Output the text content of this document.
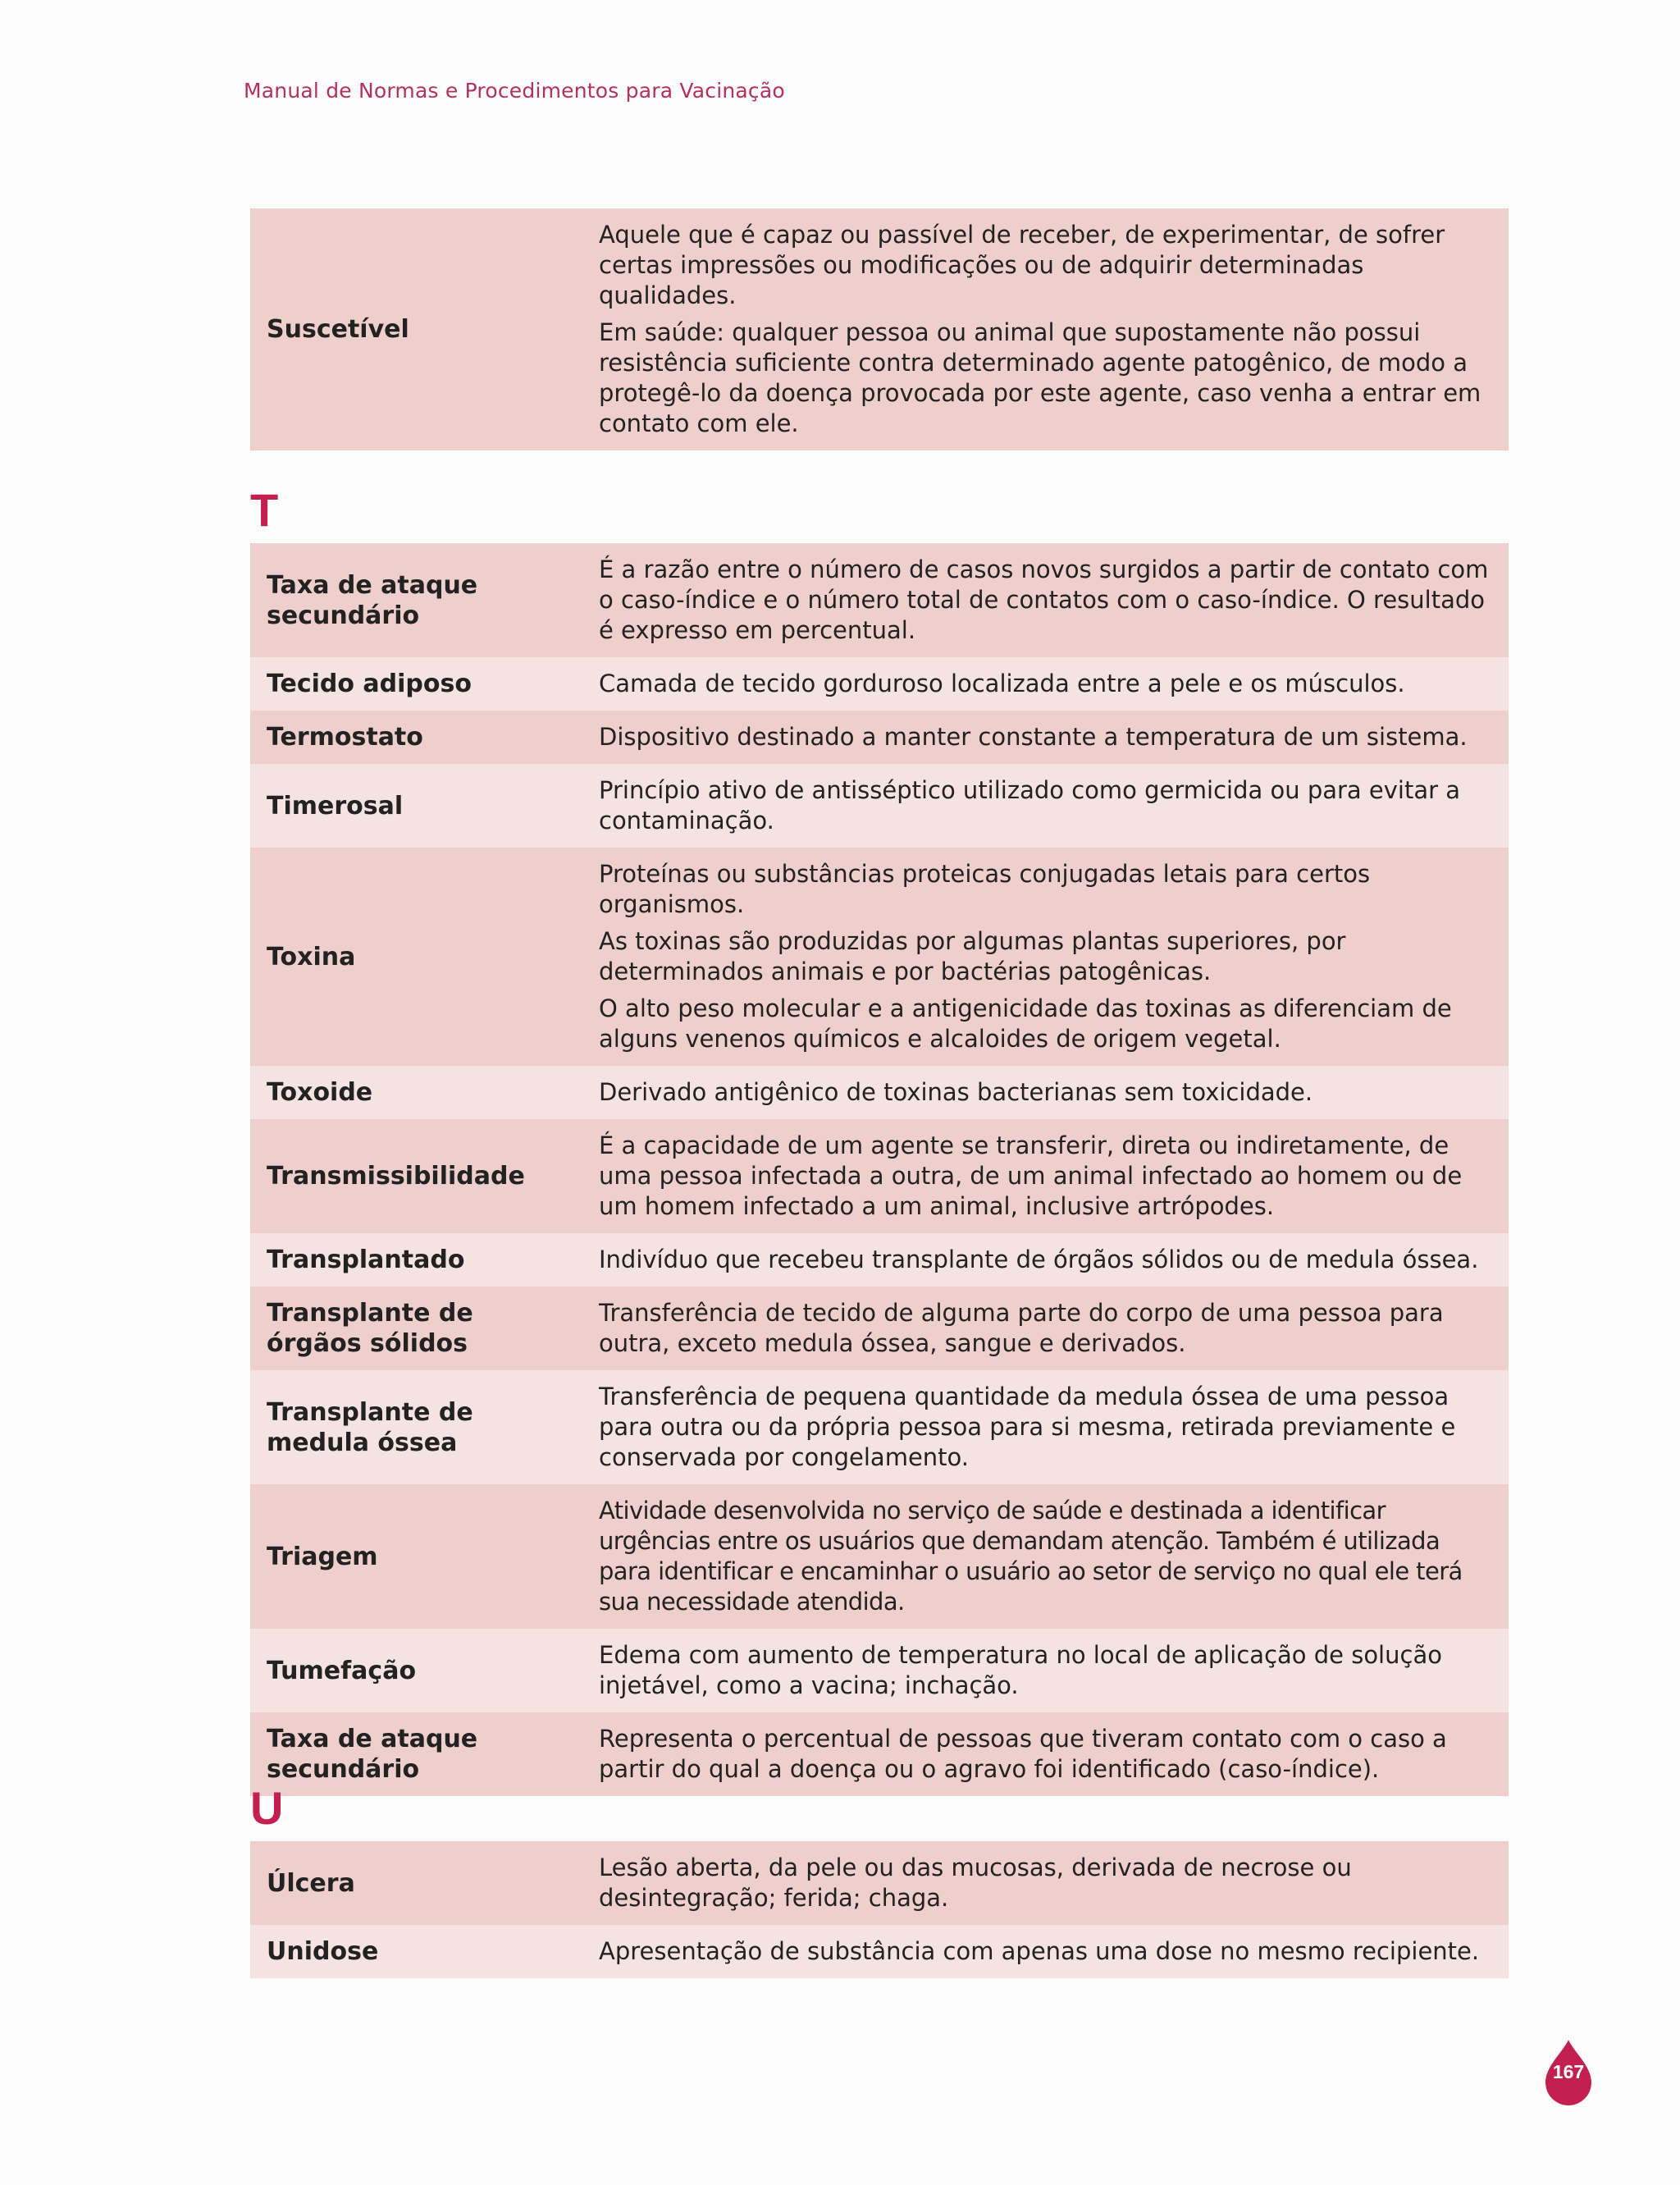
Manual de Normas e Procedimentos para Vacinação
Suscetível	

Aquele que é capaz ou passível de receber, de experimentar, de sofrer certas impressões ou modificações ou de adquirir determinadas qualidades.

Em saúde: qualquer pessoa ou animal que supostamente não possui resistência suficiente contra determinado agente patogênico, de modo a protegê-lo da doença provocada por este agente, caso venha a entrar em contato com ele.

T
Taxa de ataque secundário	É a razão entre o número de casos novos surgidos a partir de contato com o caso-índice e o número total de contatos com o caso-índice. O resultado é expresso em percentual.

Tecido adiposo	Camada de tecido gorduroso localizada entre a pele e os músculos.

Termostato	Dispositivo destinado a manter constante a temperatura de um sistema.

Timerosal	Princípio ativo de antisséptico utilizado como germicida ou para evitar a contaminação.

Toxina	Proteínas ou substâncias proteicas conjugadas letais para certos organismos.

As toxinas são produzidas por algumas plantas superiores, por determinados animais e por bactérias patogênicas.

O alto peso molecular e a antigenicidade das toxinas as diferenciam de alguns venenos químicos e alcaloides de origem vegetal.

Toxoide	Derivado antigênico de toxinas bacterianas sem toxicidade.

Transmissibilidade	É a capacidade de um agente se transferir, direta ou indiretamente, de uma pessoa infectada a outra, de um animal infectado ao homem ou de um homem infectado a um animal, inclusive artrópodes.

Transplantado	Indivíduo que recebeu transplante de órgãos sólidos ou de medula óssea.

Transplante de órgãos sólidos	Transferência de tecido de alguma parte do corpo de uma pessoa para outra, exceto medula óssea, sangue e derivados.

Transplante de medula óssea	Transferência de pequena quantidade da medula óssea de uma pessoa para outra ou da própria pessoa para si mesma, retirada previamente e conservada por congelamento.

Triagem	Atividade desenvolvida no serviço de saúde e destinada a identificar urgências entre os usuários que demandam atenção. Também é utilizada para identificar e encaminhar o usuário ao setor de serviço no qual ele terá sua necessidade atendida.

Tumefação	Edema com aumento de temperatura no local de aplicação de solução injetável, como a vacina; inchação.

Taxa de ataque secundário	Representa o percentual de pessoas que tiveram contato com o caso a partir do qual a doença ou o agravo foi identificado (caso-índice).

U
Úlcera	Lesão aberta, da pele ou das mucosas, derivada de necrose ou desintegração; ferida; chaga.

Unidose	Apresentação de substância com apenas uma dose no mesmo recipiente.

167
